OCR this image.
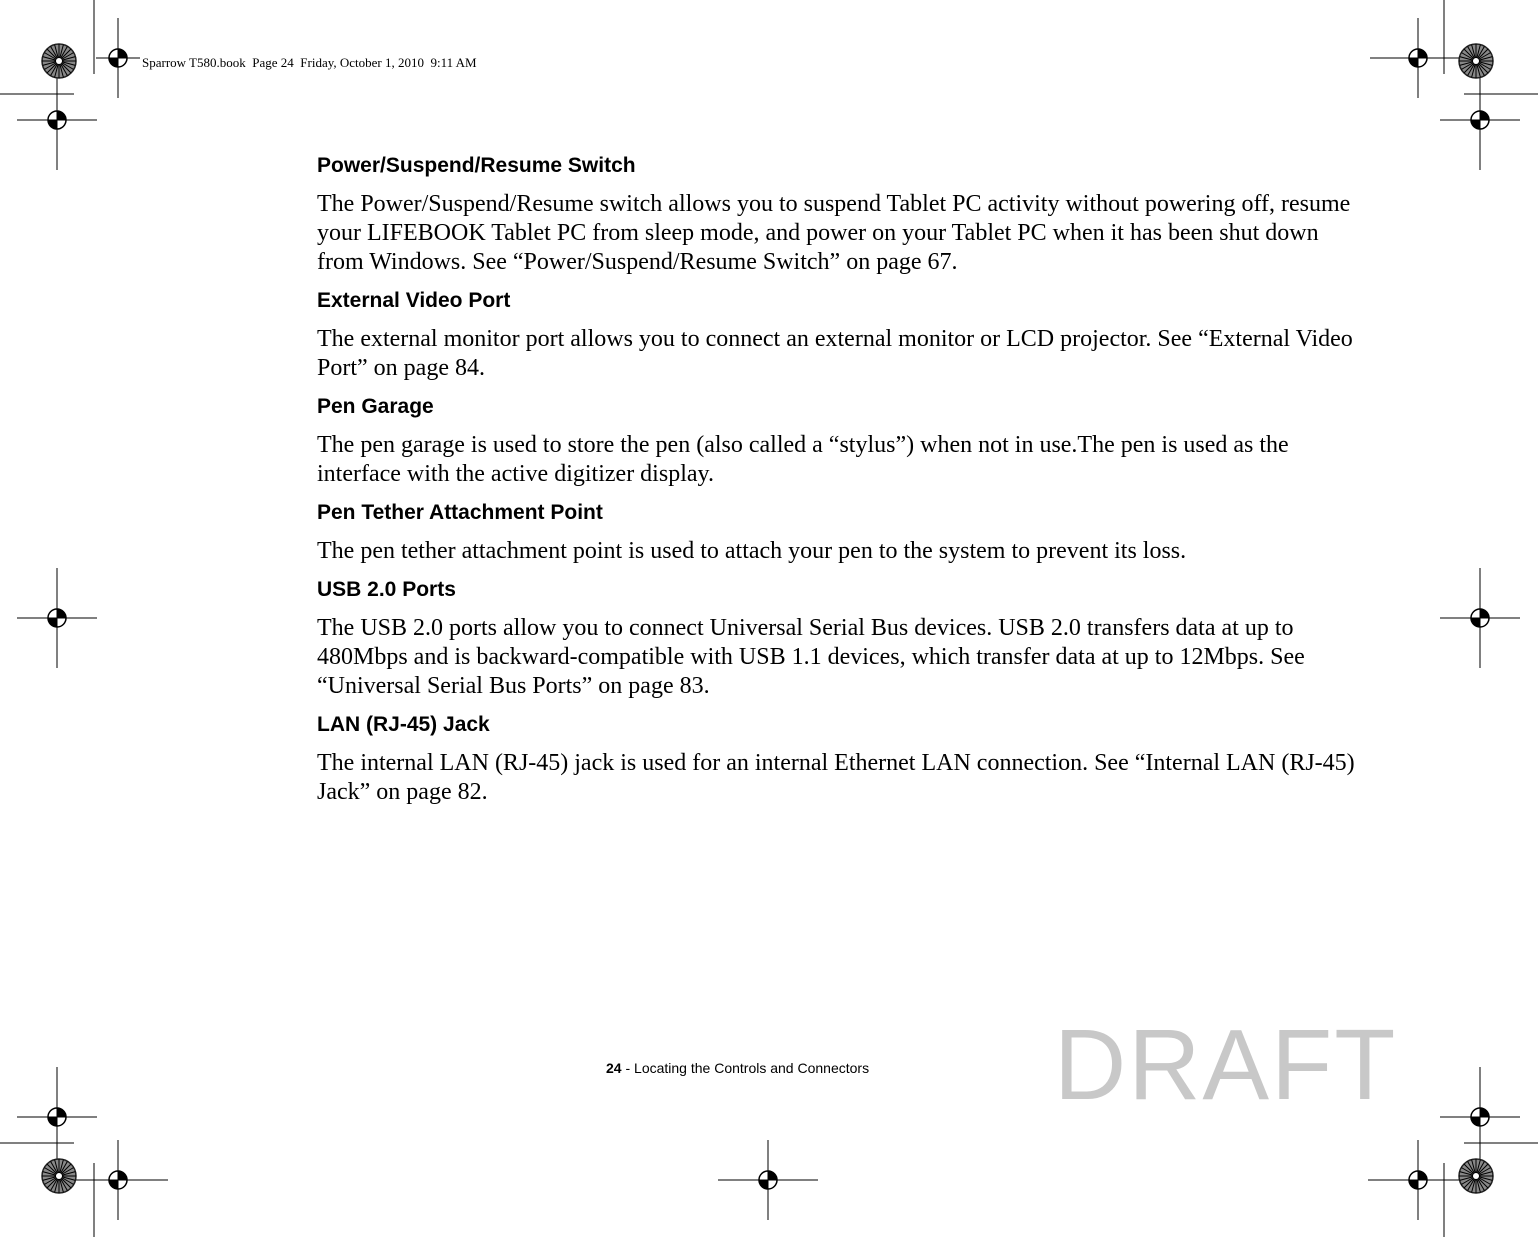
Sparrow T580.book  Page 24  Friday, October 1, 2010  9:11 AM
Power/Suspend/Resume Switch

The Power/Suspend/Resume switch allows you to suspend Tablet PC activity without powering off, resume your LIFEBOOK Tablet PC from sleep mode, and power on your Tablet PC when it has been shut down from Windows. See “Power/Suspend/Resume Switch” on page 67.

External Video Port

The external monitor port allows you to connect an external monitor or LCD projector. See “External Video Port” on page 84.

Pen Garage

The pen garage is used to store the pen (also called a “stylus”) when not in use.The pen is used as the interface with the active digitizer display.

Pen Tether Attachment Point

The pen tether attachment point is used to attach your pen to the system to prevent its loss.

USB 2.0 Ports

The USB 2.0 ports allow you to connect Universal Serial Bus devices. USB 2.0 transfers data at up to 480Mbps and is backward-compatible with USB 1.1 devices, which transfer data at up to 12Mbps. See “Universal Serial Bus Ports” on page 83.

LAN (RJ-45) Jack

The internal LAN (RJ-45) jack is used for an internal Ethernet LAN connection. See “Internal LAN (RJ-45) Jack” on page 82.

24 - Locating the Controls and Connectors DRAFT
